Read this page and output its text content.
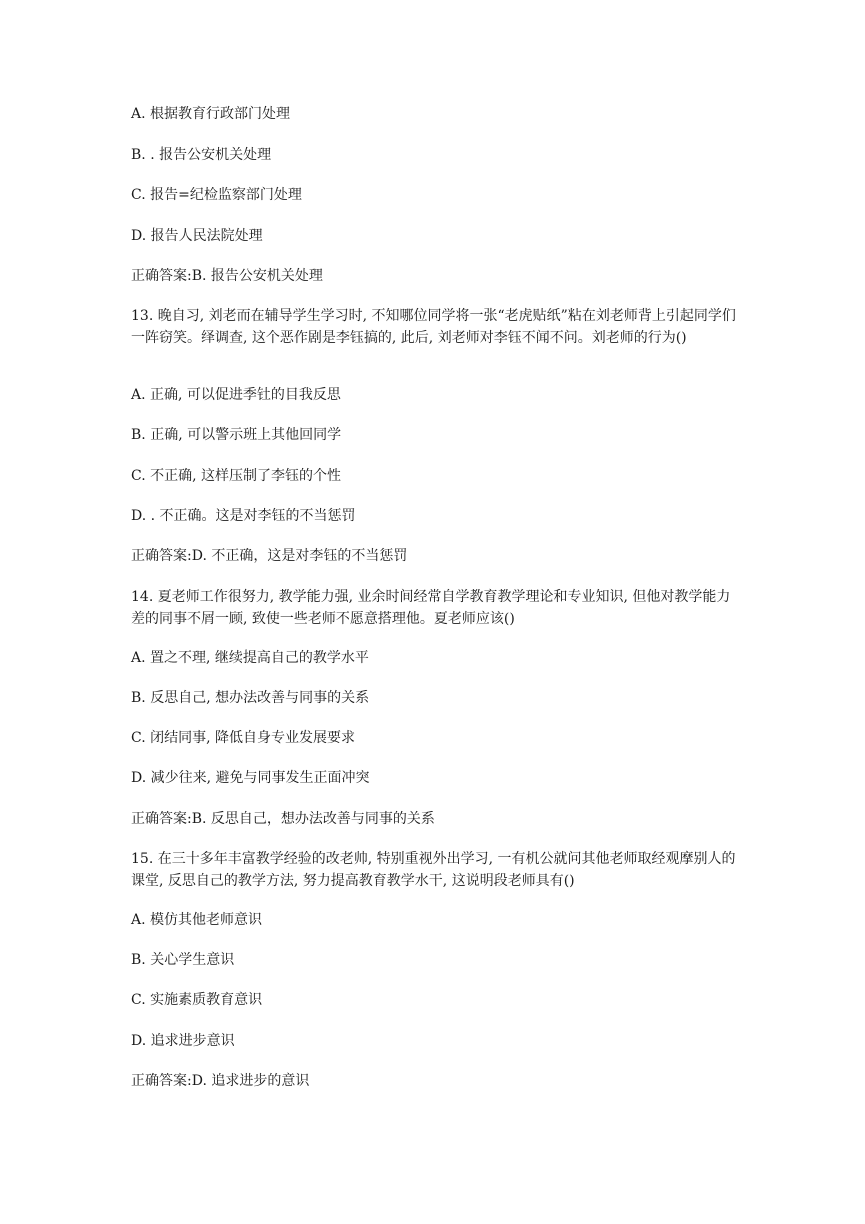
A. 根据教育行政部门处理
B. . 报告公安机关处理
C. 报告=纪检监察部门处理
D. 报告人民法院处理
正确答案:B. 报告公安机关处理
13. 晚自习, 刘老而在辅导学生学习时, 不知哪位同学将一张“老虎贴纸”粘在刘老师背上引起同学们一阵窃笑。绎调查, 这个恶作剧是李钰搞的, 此后, 刘老师对李钰不闻不问。刘老师的行为()
A. 正确, 可以促进季钍的目我反思
B. 正确, 可以警示班上其他回同学
C. 不正确, 这样压制了李钰的个性
D. . 不正确。这是对李钰的不当惩罚
正确答案:D. 不正确，这是对李钰的不当惩罚
14. 夏老师工作很努力, 教学能力强, 业余时间经常自学教育教学理论和专业知识, 但他对教学能力差的同事不屑一顾, 致使一些老师不愿意搭理他。夏老师应该()
A. 置之不理, 继续提高自己的教学水平
B. 反思自己, 想办法改善与同事的关系
C. 闭结同事, 降低自身专业发展要求
D. 减少往来, 避免与同事发生正面冲突
正确答案:B. 反思自己，想办法改善与同事的关系
15. 在三十多年丰富教学经验的改老帅, 特别重视外出学习, 一有机公就问其他老师取经观摩别人的课堂, 反思自己的教学方法, 努力提高教育教学水干, 这说明段老师具有()
A. 模仿其他老师意识
B. 关心学生意识
C. 实施素质教育意识
D. 追求进步意识
正确答案:D. 追求进步的意识
